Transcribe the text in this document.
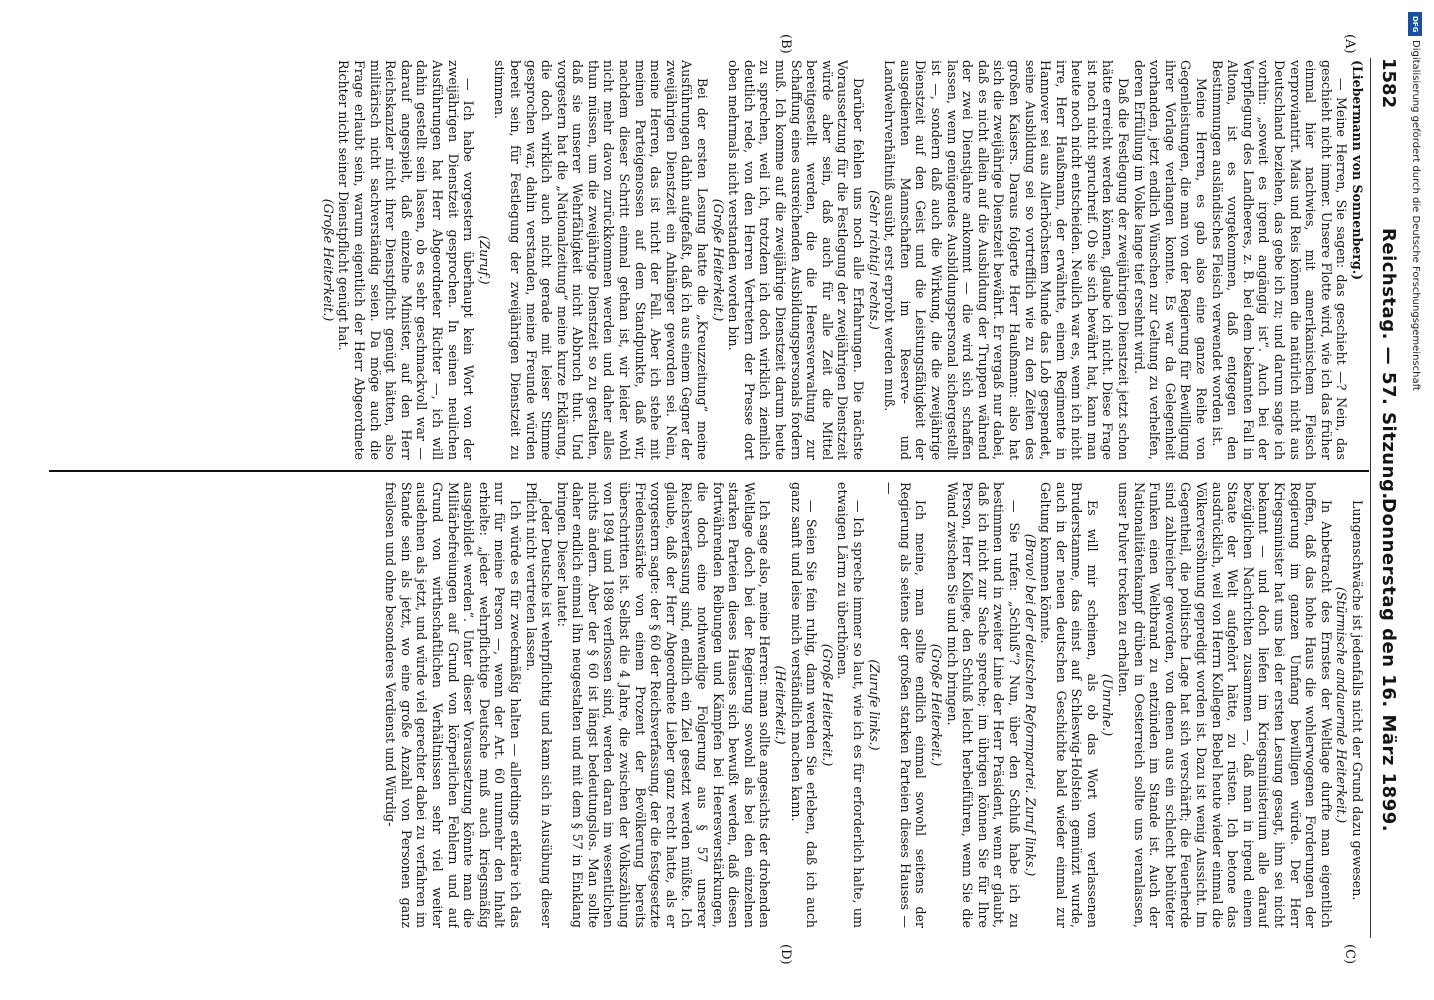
1582
Reichstag. — 57. Sitzung.
Donnerstag den 16. März 1899.
(A)
(B)
(C)
(D)

(Liebermann von Sonnenberg.)

— Meine Herren, Sie sagen: das geschieht —? Nein, das geschieht nicht immer. Unsere Flotte wird, wie ich das früher einmal hier nachwies, mit amerikanischem Fleisch verproviantirt. Mais und Reis können die natürlich nicht aus Deutschland beziehen, das gebe ich zu; und darum sagte ich vorhin: „soweit es irgend angängig ist“. Auch bei der Verpflegung des Landheeres, z. B. bei dem bekannten Fall in Altona, ist es vorgekommen, daß entgegen den Bestimmungen ausländisches Fleisch verwendet worden ist.

Meine Herren, es gab also eine ganze Reihe von Gegenleistungen, die man von der Regierung für Bewilligung ihrer Vorlage verlangen konnte. Es war da Gelegenheit vorhanden, jetzt endlich Wünschen zur Geltung zu verhelfen, deren Erfüllung im Volke lange tief ersehnt wird.

Daß die Festlegung der zweijährigen Dienstzeit jetzt schon hätte erreicht werden können, glaube ich nicht. Diese Frage ist noch nicht spruchreif. Ob sie sich bewährt hat, kann man heute noch nicht entscheiden. Neulich war es, wenn ich nicht irre, Herr Haußmann, der erwähnte, einem Regimente in Hannover sei aus Allerhöchstem Munde das Lob gespendet, seine Ausbildung sei so vortrefflich wie zu den Zeiten des großen Kaisers. Daraus folgerte Herr Haußmann: also hat sich die zweijährige Dienstzeit bewährt. Er vergaß nur dabei, daß es nicht allein auf die Ausbildung der Truppen während der zwei Dienstjahre ankommt — die wird sich schaffen lassen, wenn genügendes Ausbildungspersonal sichergestellt ist —, sondern daß auch die Wirkung, die die zweijährige Dienstzeit auf den Geist und die Leistungsfähigkeit der ausgedienten Mannschaften im Reserve- und Landwehrverhältniß ausübt, erst erprobt werden muß.

(Sehr richtig! rechts.)

Darüber fehlen uns noch alle Erfahrungen. Die nächste Voraussetzung für die Festlegung der zweijährigen Dienstzeit würde aber sein, daß auch für alle Zeit die Mittel bereitgestellt werden, die die Heeresverwaltung zur Schaffung eines ausreichenden Ausbildungspersonals fordern muß. Ich komme auf die zweijährige Dienstzeit darum heute zu sprechen, weil ich, trotzdem ich doch wirklich ziemlich deutlich rede, von den Herren Vertretern der Presse dort oben mehrmals nicht verstanden worden bin.

(Große Heiterkeit.)

Bei der ersten Lesung hatte die „Kreuzzeitung“ meine Ausführungen dahin aufgefaßt, daß ich aus einem Gegner der zweijährigen Dienstzeit ein Anhänger geworden sei. Nein, meine Herren, das ist nicht der Fall. Aber ich stehe mit meinen Parteigenossen auf dem Standpunkte, daß wir, nachdem dieser Schritt einmal gethan ist, wir leider wohl nicht mehr davon zurückkommen werden und daher alles thun müssen, um die zweijährige Dienstzeit so zu gestalten, daß sie unserer Wehrfähigkeit nicht Abbruch thut. Und vorgestern hat die „Nationalzeitung“ meine kurze Erklärung, die doch wirklich auch nicht gerade mit leiser Stimme gesprochen war, dahin verstanden, meine Freunde würden bereit sein, für Festlegung der zweijährigen Dienstzeit zu stimmen.

(Zuruf.)

— Ich habe vorgestern überhaupt kein Wort von der zweijährigen Dienstzeit gesprochen. In seinen neulichen Ausführungen hat Herr Abgeordneter Richter —, ich will dahin gestellt sein lassen, ob es sehr geschmackvoll war — darauf angespielt, daß einzelne Minister, auf den Herr Reichskanzler nicht ihrer Dienstpflicht genügt hätten, also militärisch nicht sachverständig seien. Da möge auch die Frage erlaubt sein, warum eigentlich der Herr Abgeordnete Richter nicht seiner Dienstpflicht genügt hat.

(Große Heiterkeit.)

Lungenschwäche ist jedenfalls nicht der Grund dazu gewesen.

(Stürmische andauernde Heiterkeit.)

In Anbetracht des Ernstes der Weltlage durfte man eigentlich hoffen, daß das hohe Haus die wohlerwogenen Forderungen der Regierung im ganzen Umfang bewilligen würde. Der Herr Kriegsminister hat uns bei der ersten Lesung gesagt, ihm sei nicht bekannt — und doch liefen im Kriegsministerium alle darauf bezüglichen Nachrichten zusammen —, daß man in irgend einem Staate der Welt aufgehört hätte, zu rüsten. Ich betone das ausdrücklich, weil von Herrn Kollegen Bebel heute wieder einmal die Völkerversöhnung gepredigt worden ist. Dazu ist wenig Aussicht. Im Gegentheil, die politische Lage hat sich verschärft; die Feuerherde sind zahlreicher geworden, von denen aus ein schlecht behüteter Funken einen Weltbrand zu entzünden im Stande ist. Auch der Nationalitätenkampf drüben in Oesterreich sollte uns veranlassen, unser Pulver trocken zu erhalten.

(Unruhe.)

Es will mir scheinen, als ob das Wort vom verlassenen Bruderstamme, das einst auf Schleswig-Holstein gemünzt wurde, auch in der neuen deutschen Geschichte bald wieder einmal zur Geltung kommen könnte.

(Bravo! bei der deutschen Reformpartei. Zuruf links.)

— Sie rufen: „Schluß“? Nun, über den Schluß habe ich zu bestimmen und in zweiter Linie der Herr Präsident, wenn er glaubt, daß ich nicht zur Sache spreche; im übrigen können Sie für Ihre Person, Herr Kollege, den Schluß leicht herbeiführen, wenn Sie die Wand zwischen Sie und mich bringen.

(Große Heiterkeit.)

Ich meine, man sollte endlich einmal sowohl seitens der Regierung als seitens der großen starken Parteien dieses Hauses — —

(Zurufe links.)

— Ich spreche immer so laut, wie ich es für erforderlich halte, um etwaigen Lärm zu überthönen.

(Große Heiterkeit.)

— Seien Sie fein ruhig, dann werden Sie erleben, daß ich auch ganz sanft und leise mich verständlich machen kann.

(Heiterkeit.)

Ich sage also, meine Herren: man sollte angesichts der drohenden Weltlage doch bei der Regierung sowohl als bei den einzelnen starken Parteien dieses Hauses sich bewußt werden, daß diesen fortwährenden Reibungen und Kämpfen bei Heeresverstärkungen, die doch eine nothwendige Folgerung aus § 57 unserer Reichsverfassung sind, endlich ein Ziel gesetzt werden müßte. Ich glaube, daß der Herr Abgeordnete Lieber ganz recht hatte, als er vorgestern sagte: der § 60 der Reichsverfassung, der die festgesetzte Friedensstärke von einem Prozent der Bevölkerung bereits überschritten ist. Selbst die 4 Jahre, die zwischen der Volkszählung von 1894 und 1898 verflossen sind, werden daran im wesentlichen nichts ändern. Aber der § 60 ist längst bedeutungslos. Man sollte daher endlich einmal ihn neugestalten und mit dem § 57 in Einklang bringen. Dieser lautet:

Jeder Deutsche ist wehrpflichtig und kann sich in Ausübung dieser Pflicht nicht vertreten lassen.

Ich würde es für zweckmäßig halten — allerdings erkläre ich das nur für meine Person —, wenn der Art. 60 nunmehr den Inhalt erhielte: „jeder wehrpflichtige Deutsche muß auch kriegsmäßig ausgebildet werden“. Unter dieser Voraussetzung könnte man die Militärbefreiungen auf Grund von körperlichen Fehlern und auf Grund von wirthschaftlichen Verhältnissen sehr viel weiter ausdehnen als jetzt, und würde viel gerechter dabei zu verfahren im Stande sein als jetzt, wo eine große Anzahl von Personen ganz freilosen und ohne besonderes Verdienst und Würdig-

DFG
Digitalisierung gefördert durch die Deutsche Forschungsgemeinschaft
